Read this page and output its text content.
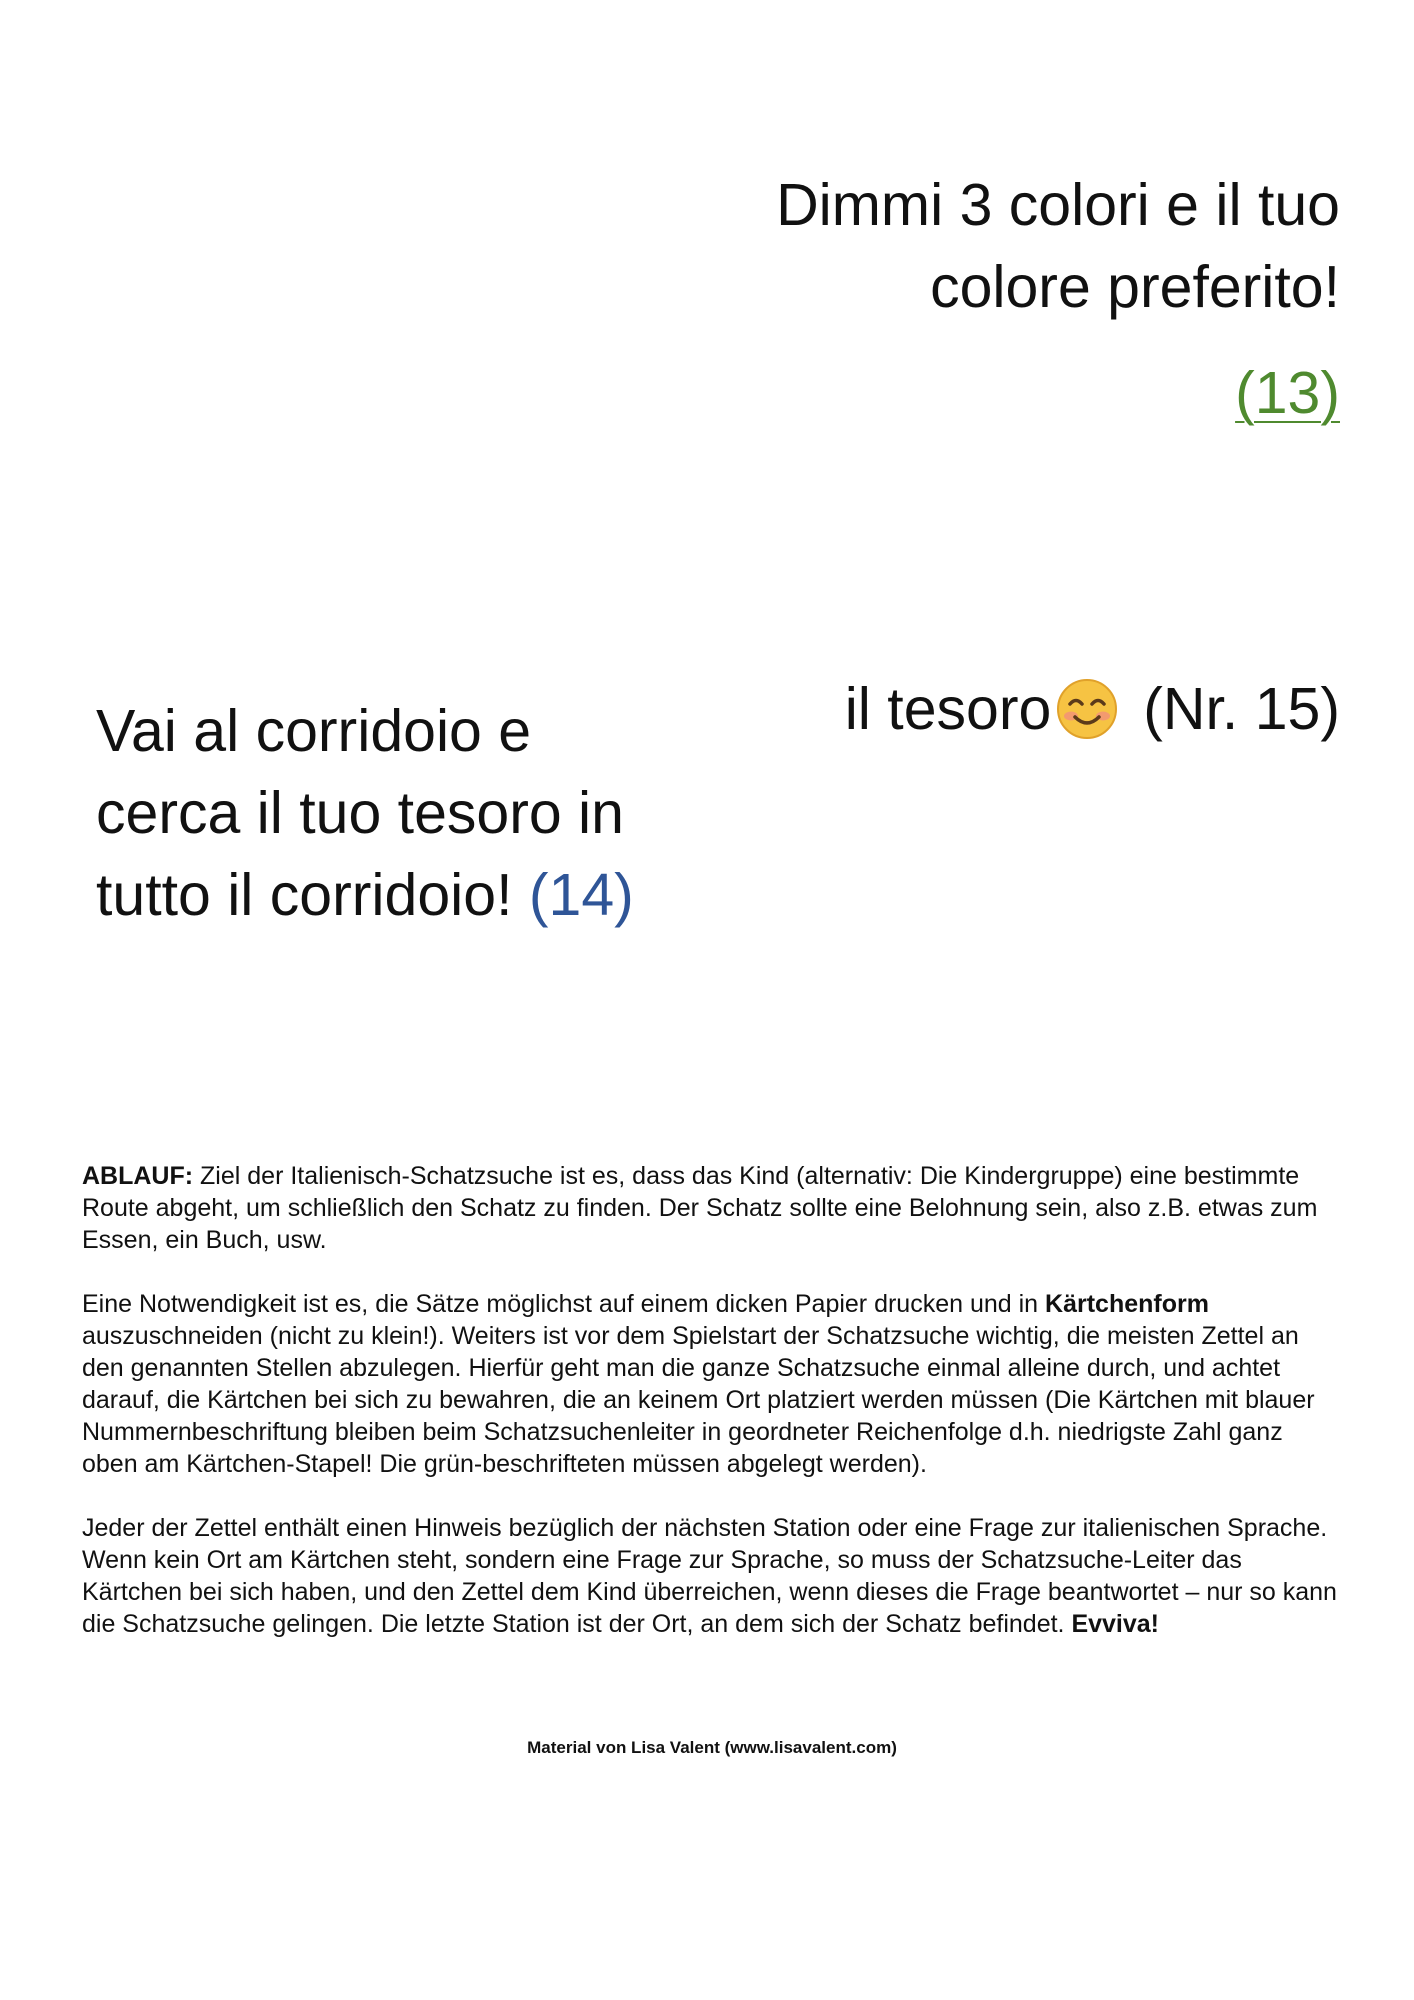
Dimmi 3 colori e il tuo
colore preferito!
(13)
il tesoro (Nr. 15)
Vai al corridoio e
cerca il tuo tesoro in
tutto il corridoio! (14)

ABLAUF: Ziel der Italienisch-Schatzsuche ist es, dass das Kind (alternativ: Die Kindergruppe) eine bestimmte Route abgeht, um schließlich den Schatz zu finden. Der Schatz sollte eine Belohnung sein, also z.B. etwas zum Essen, ein Buch, usw.

Eine Notwendigkeit ist es, die Sätze möglichst auf einem dicken Papier drucken und in Kärtchenform auszuschneiden (nicht zu klein!). Weiters ist vor dem Spielstart der Schatzsuche wichtig, die meisten Zettel an den genannten Stellen abzulegen. Hierfür geht man die ganze Schatzsuche einmal alleine durch, und achtet darauf, die Kärtchen bei sich zu bewahren, die an keinem Ort platziert werden müssen (Die Kärtchen mit blauer Nummernbeschriftung bleiben beim Schatzsuchenleiter in geordneter Reichenfolge d.h. niedrigste Zahl ganz oben am Kärtchen-Stapel! Die grün-beschrifteten müssen abgelegt werden).

Jeder der Zettel enthält einen Hinweis bezüglich der nächsten Station oder eine Frage zur italienischen Sprache. Wenn kein Ort am Kärtchen steht, sondern eine Frage zur Sprache, so muss der Schatzsuche-Leiter das Kärtchen bei sich haben, und den Zettel dem Kind überreichen, wenn dieses die Frage beantwortet – nur so kann die Schatzsuche gelingen. Die letzte Station ist der Ort, an dem sich der Schatz befindet. Evviva!

Material von Lisa Valent (www.lisavalent.com)
